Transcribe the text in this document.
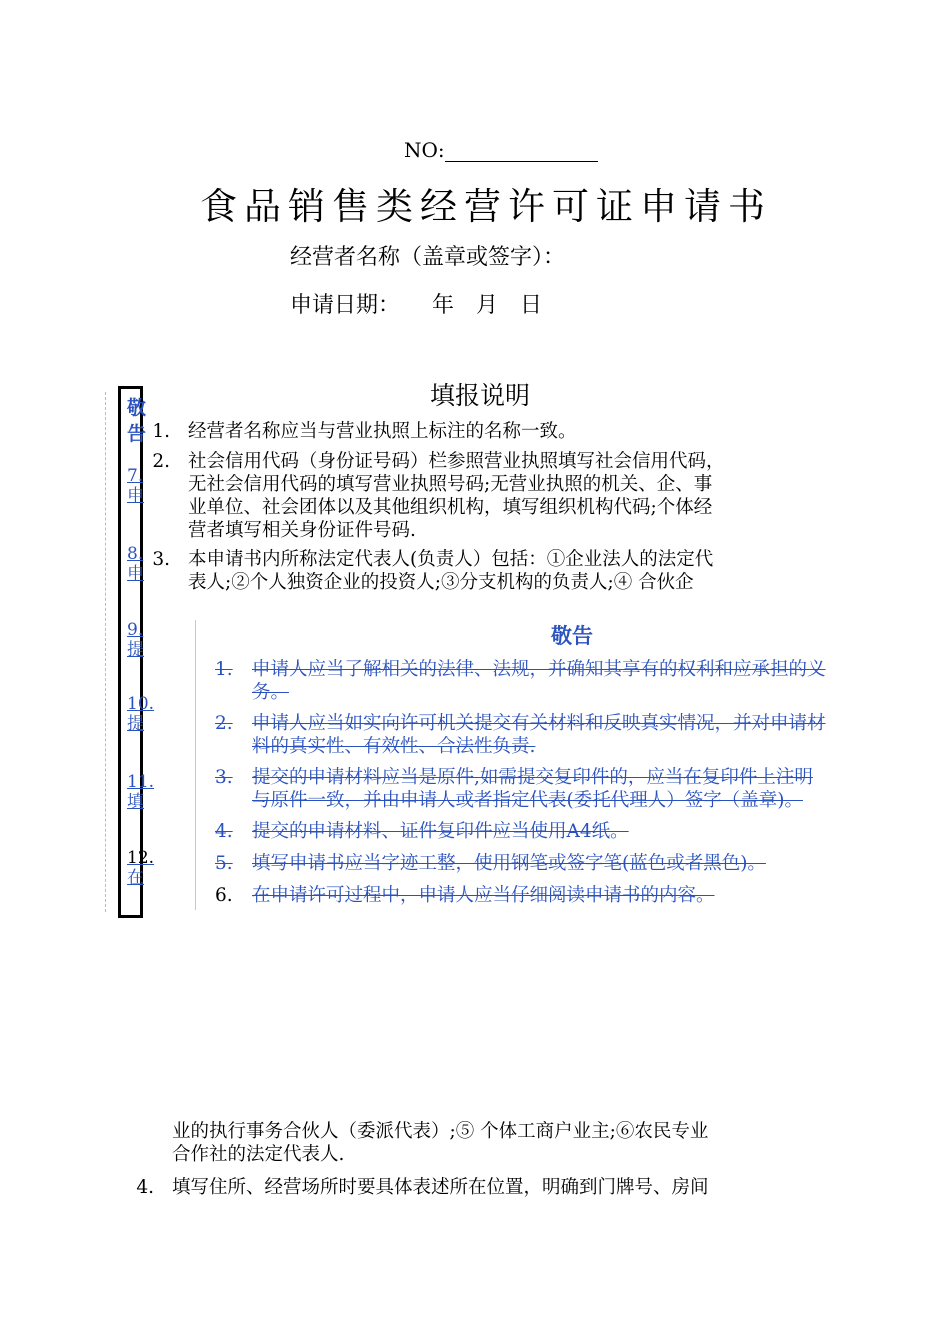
NO:
食品销售类经营许可证申请书
经营者名称（盖章或签字）：
申请日期： 年 月 日
填报说明
1. 经营者名称应当与营业执照上标注的名称一致。
2. 社会信用代码（身份证号码）栏参照营业执照填写社会信用代码，
无社会信用代码的填写营业执照号码;无营业执照的机关、企、事
业单位、社会团体以及其他组织机构，填写组织机构代码;个体经
营者填写相关身份证件号码.
3. 本申请书内所称法定代表人(负责人）包括：①企业法人的法定代
表人;②个人独资企业的投资人;③分支机构的负责人;④ 合伙企
敬
告
7.
申
8.
申
9.
提
10.
提
11.
填
12.
在
敬告
1. 申请人应当了解相关的法律、法规，并确知其享有的权利和应承担的义
务。
2. 申请人应当如实向许可机关提交有关材料和反映真实情况，并对申请材
料的真实性、有效性、合法性负责.
3. 提交的申请材料应当是原件,如需提交复印件的，应当在复印件上注明
与原件一致，并由申请人或者指定代表(委托代理人）签字（盖章)。
4. 提交的申请材料、证件复印件应当使用A4纸。
5. 填写申请书应当字迹工整，使用钢笔或签字笔(蓝色或者黑色)。
6. 在申请许可过程中，申请人应当仔细阅读申请书的内容。
业的执行事务合伙人（委派代表）;⑤ 个体工商户业主;⑥农民专业
合作社的法定代表人.
4. 填写住所、经营场所时要具体表述所在位置，明确到门牌号、房间
